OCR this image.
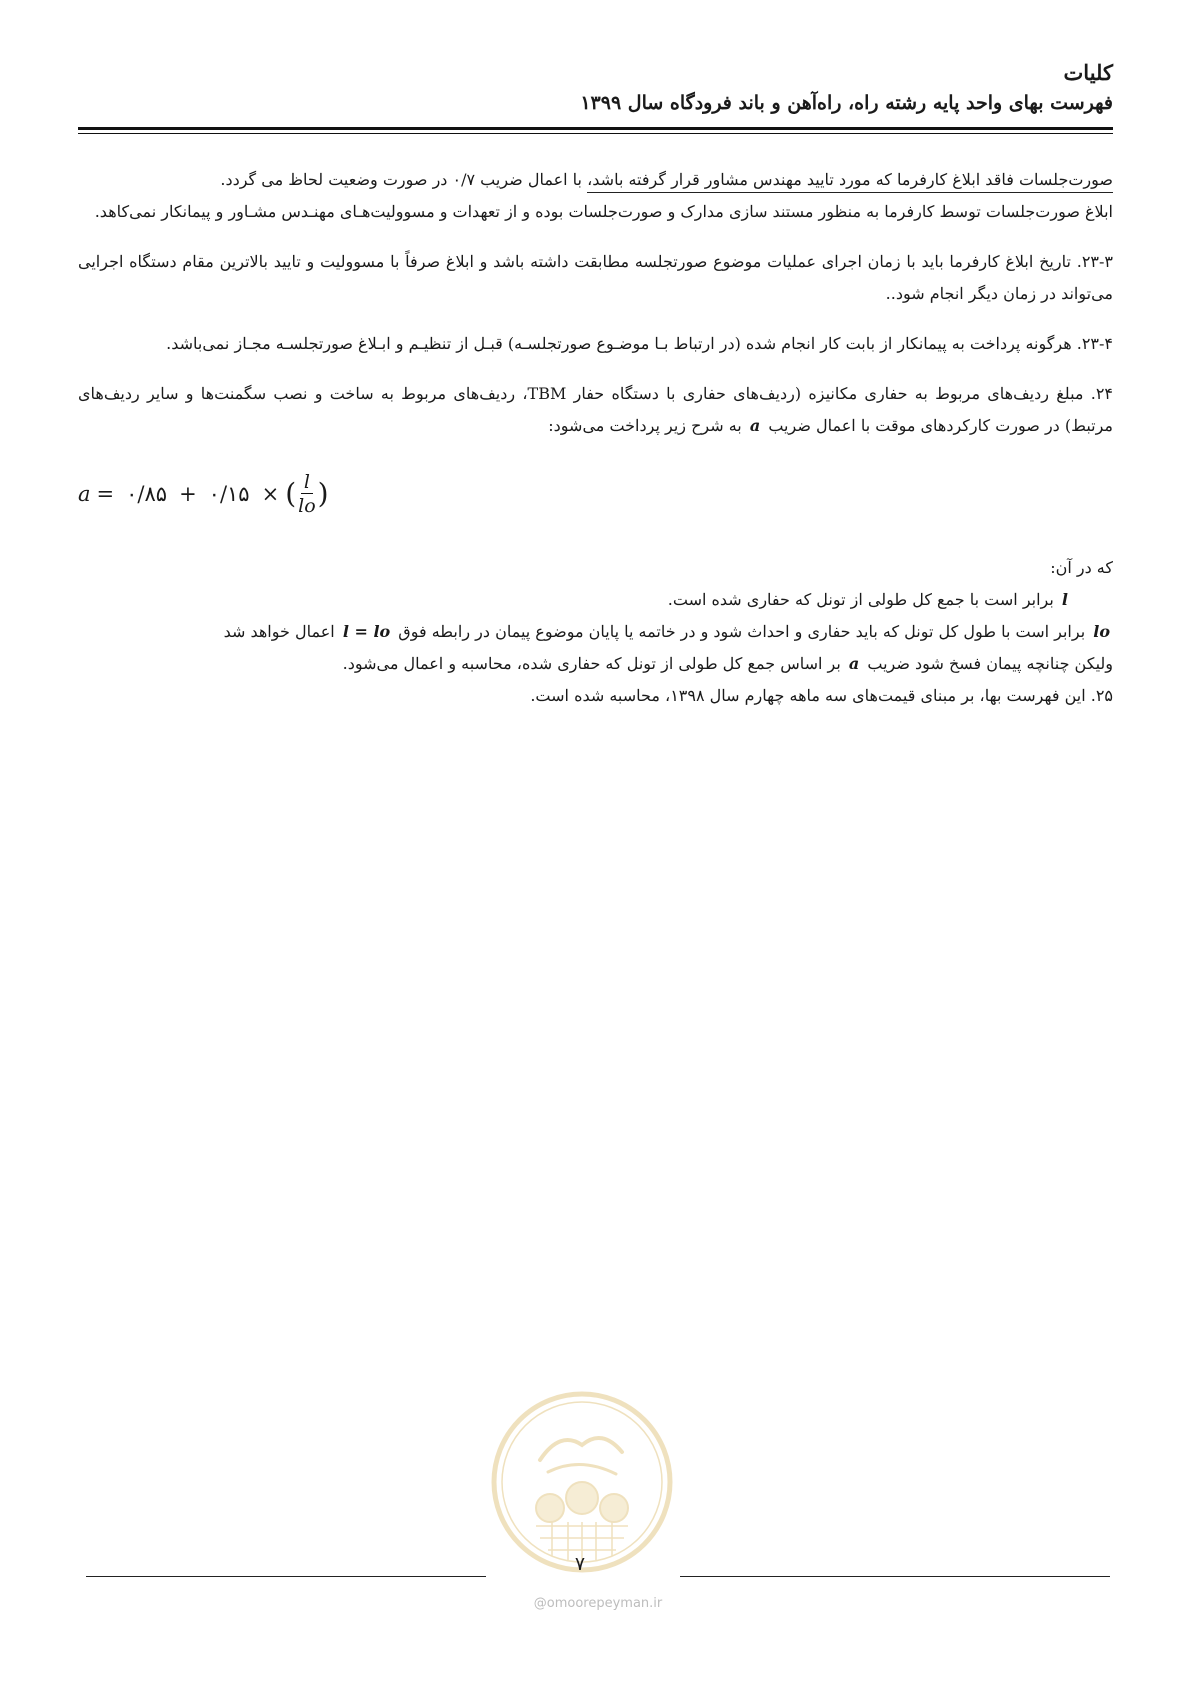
کلیات
فهرست بهای واحد پایه رشته راه، راه‌آهن و باند فرودگاه سال ۱۳۹۹

صورت‌جلسات فاقد ابلاغ کارفرما که مورد تایید مهندس مشاور قرار گرفته باشد، با اعمال ضریب ۰/۷ در صورت وضعیت لحاظ می گردد.

ابلاغ صورت‌جلسات توسط کارفرما به منظور مستند سازی مدارک و صورت‌جلسات بوده و از تعهدات و مسوولیت‌هـای مهنـدس مشـاور و پیمانکار نمی‌کاهد.

۲۳-۳. تاریخ ابلاغ کارفرما باید با زمان اجرای عملیات موضوع صورتجلسه مطابقت داشته باشد و ابلاغ صرفاً با مسوولیت و تایید بالاترین مقام دستگاه اجرایی می‌تواند در زمان دیگر انجام شود..

۲۳-۴. هرگونه پرداخت به پیمانکار از بابت کار انجام شده (در ارتباط بـا موضـوع صورتجلسـه) قبـل از تنظیـم و ابـلاغ صورتجلسـه مجـاز نمی‌باشد.

۲۴. مبلغ ردیف‌های مربوط به حفاری مکانیزه (ردیف‌های حفاری با دستگاه حفار TBM، ردیف‌های مربوط به ساخت و نصب سگمنت‌ها و سایر ردیف‌های مرتبط) در صورت کارکردهای موقت با اعمال ضریب a به شرح زیر پرداخت می‌شود:

a = ۰/۸۵ + ۰/۱۵ × ( $\frac{l}{lo}$ )

که در آن:

l برابر است با جمع کل طولی از تونل که حفاری شده است.

lo برابر است با طول کل تونل که باید حفاری و احداث شود و در خاتمه یا پایان موضوع پیمان در رابطه فوق l = lo اعمال خواهد شد

ولیکن چنانچه پیمان فسخ شود ضریب a بر اساس جمع کل طولی از تونل که حفاری شده، محاسبه و اعمال می‌شود.

۲۵. این فهرست بها، بر مبنای قیمت‌های سه ماهه چهارم سال ۱۳۹۸، محاسبه شده است.

۷
@omoorepeyman.ir
